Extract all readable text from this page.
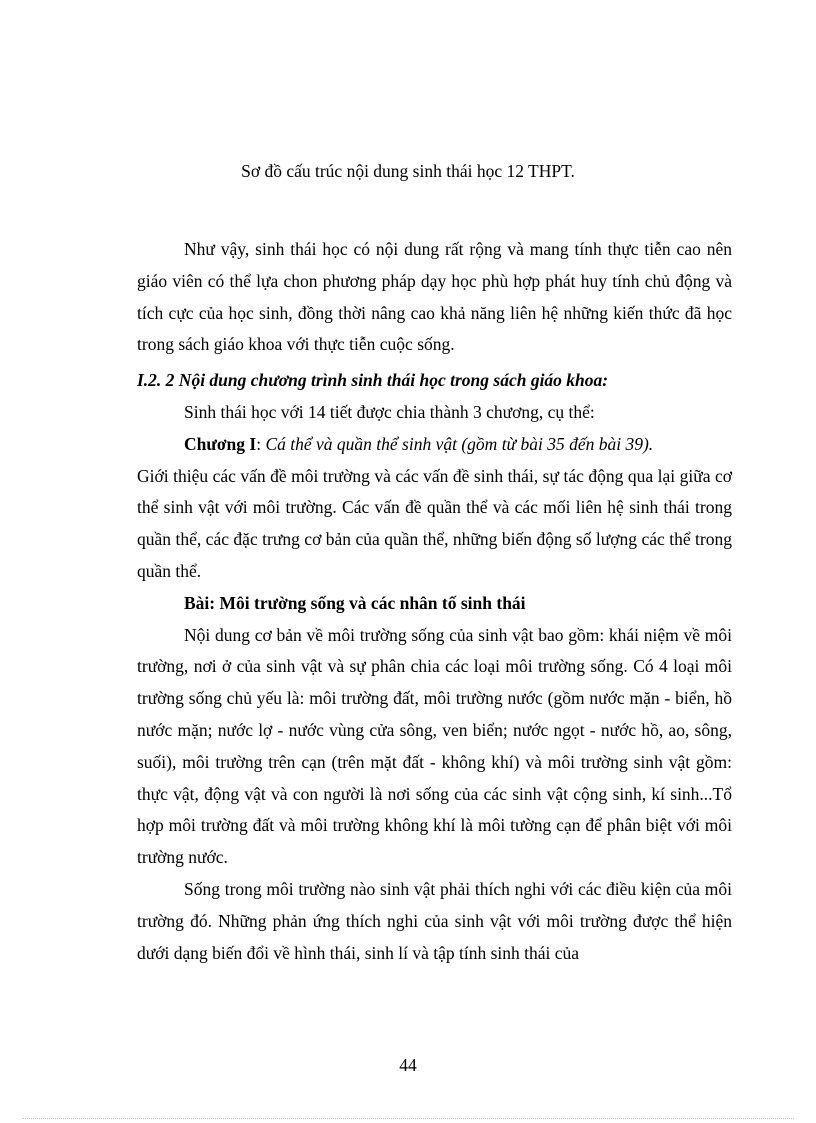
Sơ đồ cấu trúc nội dung sinh thái học 12 THPT.

Như vậy, sinh thái học có nội dung rất rộng và mang tính thực tiễn cao nên giáo viên có thể lựa chon phương pháp dạy học phù hợp phát huy tính chủ động và tích cực của học sinh, đồng thời nâng cao khả năng liên hệ những kiến thức đã học trong sách giáo khoa với thực tiễn cuộc sống.

I.2. 2 Nội dung chương trình sinh thái học trong sách giáo khoa:

Sinh thái học với 14 tiết được chia thành 3 chương, cụ thể:

Chương I: Cá thể và quần thể sinh vật (gồm từ bài 35 đến bài 39).

Giới thiệu các vấn đề môi trường và các vấn đề sinh thái, sự tác động qua lại giữa cơ thể sinh vật với môi trường. Các vấn đề quần thể và các mối liên hệ sinh thái trong quần thể, các đặc trưng cơ bản của quần thể, những biến động số lượng các thể trong quần thể.

Bài: Môi trường sống và các nhân tố sinh thái

Nội dung cơ bản về môi trường sống của sinh vật bao gồm: khái niệm về môi trường, nơi ở của sinh vật và sự phân chia các loại môi trường sống. Có 4 loại môi trường sống chủ yếu là: môi trường đất, môi trường nước (gồm nước mặn - biển, hồ nước mặn; nước lợ - nước vùng cửa sông, ven biển; nước ngọt - nước hồ, ao, sông, suối), môi trường trên cạn (trên mặt đất - không khí) và môi trường sinh vật gồm: thực vật, động vật và con người là nơi sống của các sinh vật cộng sinh, kí sinh...Tổ hợp môi trường đất và môi trường không khí là môi tường cạn để phân biệt với môi trường nước.

Sống trong môi trường nào sinh vật phải thích nghi với các điều kiện của môi trường đó. Những phản ứng thích nghi của sinh vật với môi trường được thể hiện dưới dạng biến đổi về hình thái, sinh lí và tập tính sinh thái của

44
